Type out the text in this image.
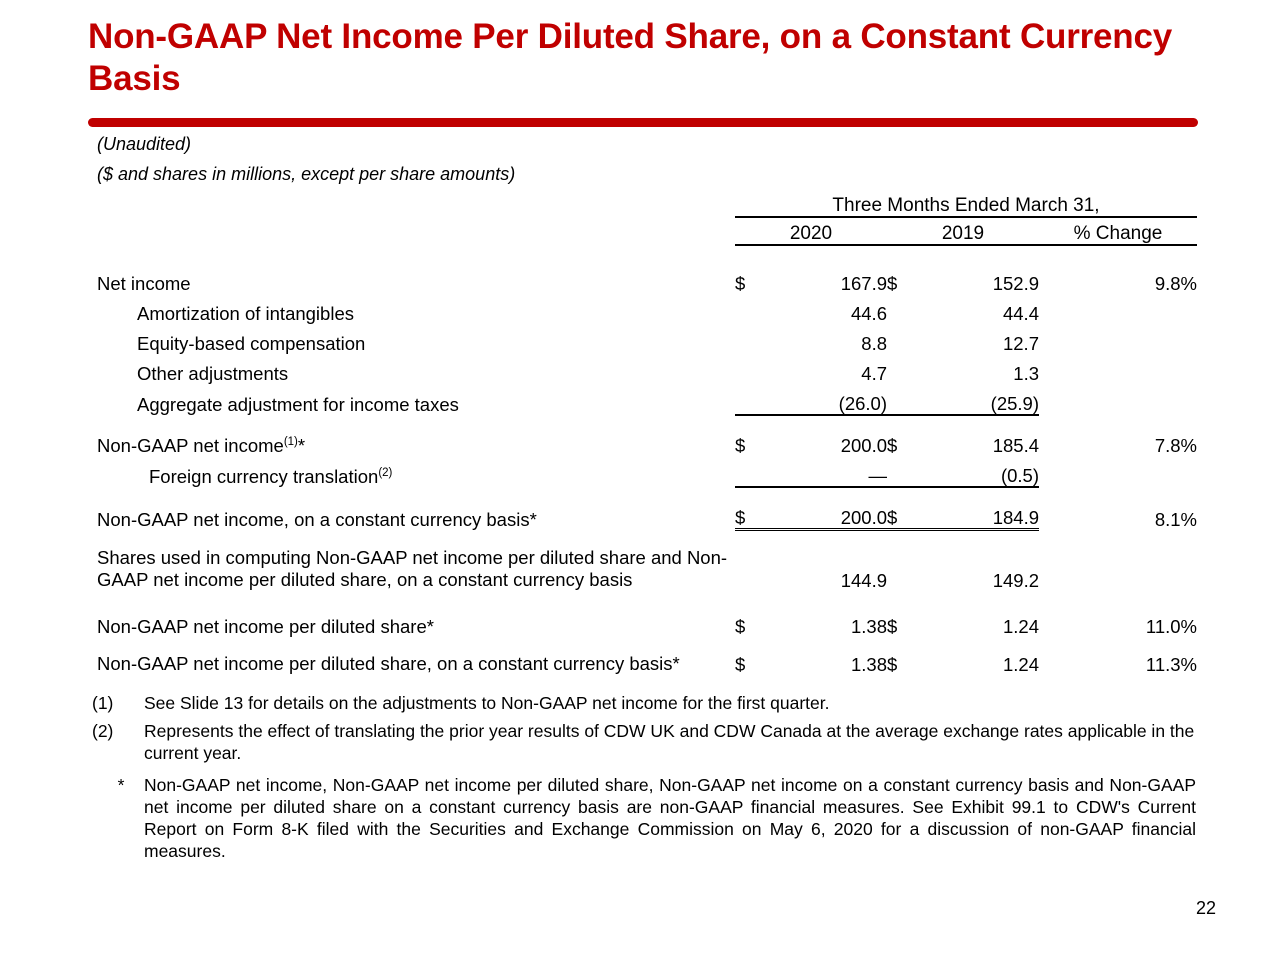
Non-GAAP Net Income Per Diluted Share, on a Constant Currency Basis
(Unaudited)
($ and shares in millions, except per share amounts)
	Three Months Ended March 31,				
	2020		2019		% Change

Net income	$	167.9	$	152.9	9.8%
Amortization of intangibles		44.6		44.4	
Equity-based compensation		8.8		12.7	
Other adjustments		4.7		1.3	
Aggregate adjustment for income taxes		(26.0)		(25.9)	
Non-GAAP net income$^{(1)}$*	$	200.0	$	185.4	7.8%
Foreign currency translation$^{(2)}$		—		(0.5)	
Non-GAAP net income, on a constant currency basis*	$	200.0	$	184.9	8.1%

Shares used in computing Non-GAAP net income per diluted share and Non-GAAP net income per diluted share, on a constant currency basis		144.9		149.2	

Non-GAAP net income per diluted share*	$	1.38	$	1.24	11.0%

Non-GAAP net income per diluted share, on a constant currency basis*	$	1.38	$	1.24	11.3%
(1)	See Slide 13 for details on the adjustments to Non-GAAP net income for the first quarter.
(2)	Represents the effect of translating the prior year results of CDW UK and CDW Canada at the average exchange rates applicable in the current year.
*	Non-GAAP net income, Non-GAAP net income per diluted share, Non-GAAP net income on a constant currency basis and Non-GAAP net income per diluted share on a constant currency basis are non-GAAP financial measures. See Exhibit 99.1 to CDW's Current Report on Form 8-K filed with the Securities and Exchange Commission on May 6, 2020 for a discussion of non-GAAP financial measures.
22
